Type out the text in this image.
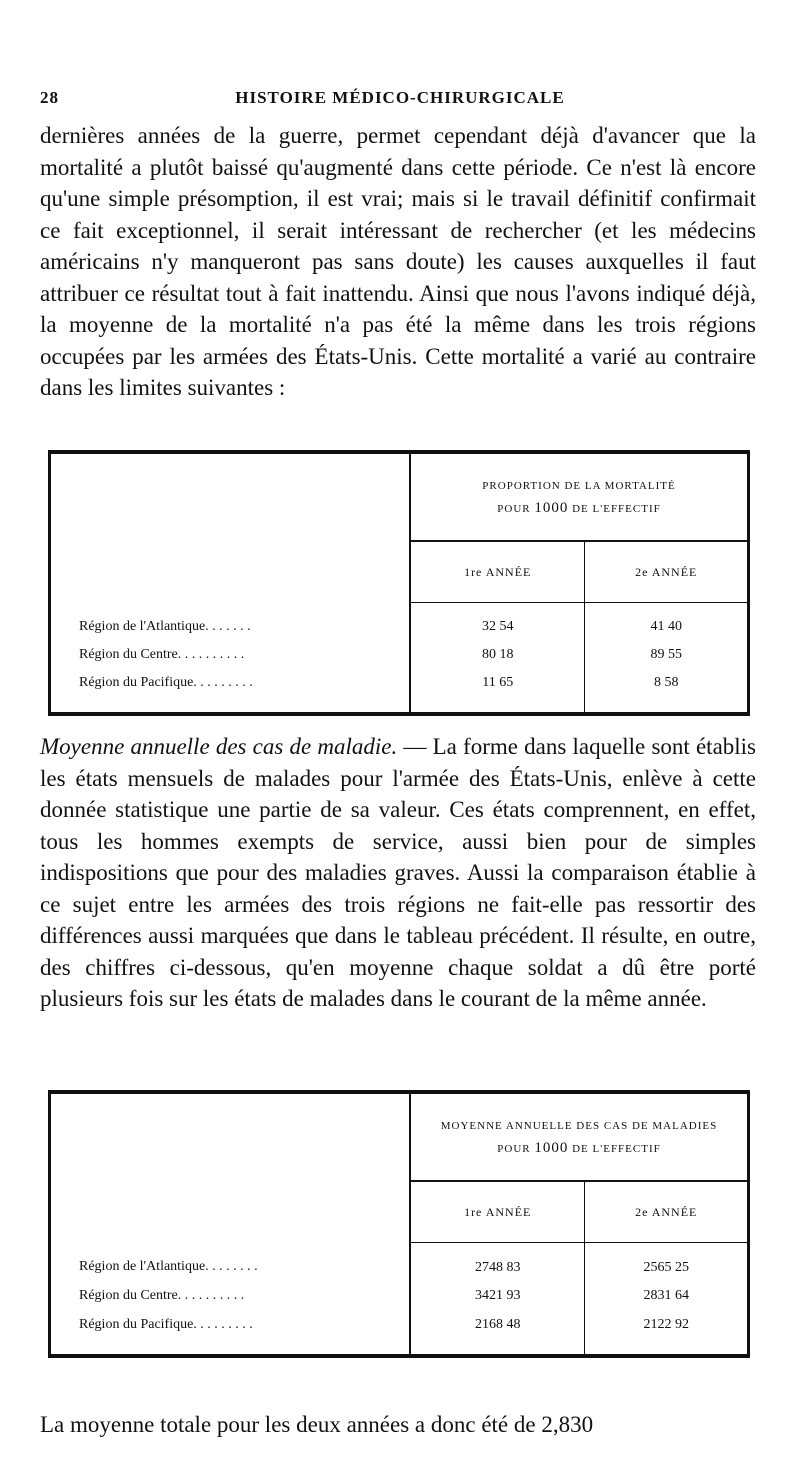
28	HISTOIRE MÉDICO-CHIRURGICALE
dernières années de la guerre, permet cependant déjà d'avancer que la mortalité a plutôt baissé qu'augmenté dans cette période. Ce n'est là encore qu'une simple présomption, il est vrai; mais si le travail définitif confirmait ce fait exceptionnel, il serait intéressant de rechercher (et les médecins américains n'y manqueront pas sans doute) les causes auxquelles il faut attribuer ce résultat tout à fait inattendu. Ainsi que nous l'avons indiqué déjà, la moyenne de la mortalité n'a pas été la même dans les trois régions occupées par les armées des États-Unis. Cette mortalité a varié au contraire dans les limites suivantes :

	PROPORTION DE LA MORTALITÉ
POUR 1000 DE L'EFFECTIF	

	1re ANNÉE	2e ANNÉE
Région de l'Atlantique. . . . . . .	32 54	41 40
Région du Centre. . . . . . . . . .	80 18	89 55
Région du Pacifique. . . . . . . . .	11 65	8 58
Moyenne annuelle des cas de maladie. — La forme dans laquelle sont établis les états mensuels de malades pour l'armée des États-Unis, enlève à cette donnée statistique une partie de sa valeur. Ces états comprennent, en effet, tous les hommes exempts de service, aussi bien pour de simples indispositions que pour des maladies graves. Aussi la comparaison établie à ce sujet entre les armées des trois régions ne fait-elle pas ressortir des différences aussi marquées que dans le tableau précédent. Il résulte, en outre, des chiffres ci-dessous, qu'en moyenne chaque soldat a dû être porté plusieurs fois sur les états de malades dans le courant de la même année.

	MOYENNE ANNUELLE DES CAS DE MALADIES
POUR 1000 DE L'EFFECTIF	

	1re ANNÉE	2e ANNÉE
Région de l'Atlantique. . . . . . . .	2748 83	2565 25
Région du Centre. . . . . . . . . .	3421 93	2831 64
Région du Pacifique. . . . . . . . .	2168 48	2122 92
La moyenne totale pour les deux années a donc été de 2,830
